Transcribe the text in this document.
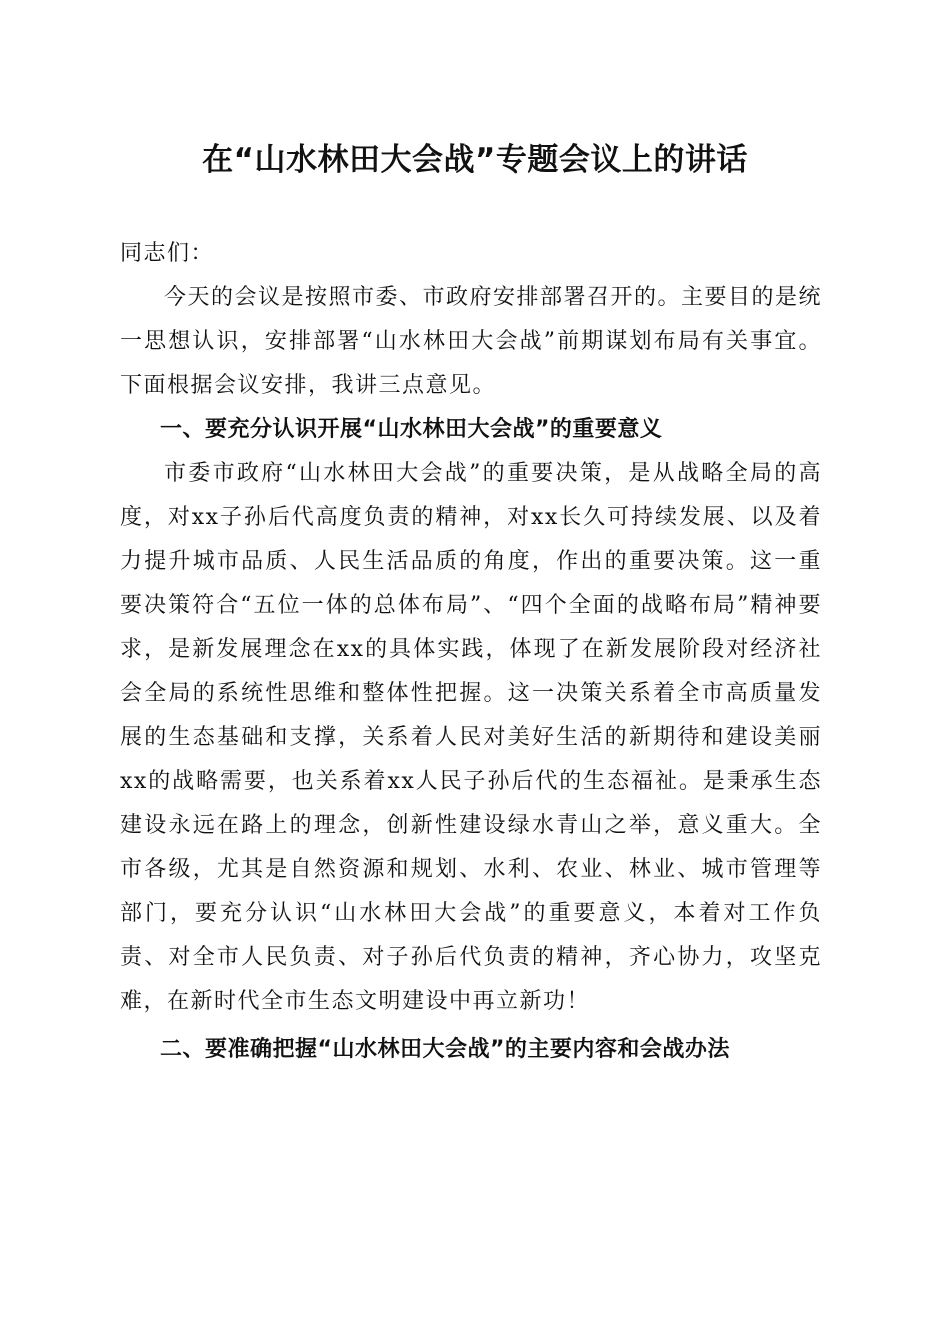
在“山水林田大会战”专题会议上的讲话

同志们：

今天的会议是按照市委、市政府安排部署召开的。主要目的是统一思想认识，安排部署“山水林田大会战”前期谋划布局有关事宜。下面根据会议安排，我讲三点意见。

一、要充分认识开展“山水林田大会战”的重要意义

市委市政府“山水林田大会战”的重要决策，是从战略全局的高度，对xx子孙后代高度负责的精神，对xx长久可持续发展、以及着力提升城市品质、人民生活品质的角度，作出的重要决策。这一重要决策符合“五位一体的总体布局”、“四个全面的战略布局”精神要求，是新发展理念在xx的具体实践，体现了在新发展阶段对经济社会全局的系统性思维和整体性把握。这一决策关系着全市高质量发展的生态基础和支撑，关系着人民对美好生活的新期待和建设美丽xx的战略需要，也关系着xx人民子孙后代的生态福祉。是秉承生态建设永远在路上的理念，创新性建设绿水青山之举，意义重大。全市各级，尤其是自然资源和规划、水利、农业、林业、城市管理等部门，要充分认识“山水林田大会战”的重要意义，本着对工作负责、对全市人民负责、对子孙后代负责的精神，齐心协力，攻坚克难，在新时代全市生态文明建设中再立新功！

二、要准确把握“山水林田大会战”的主要内容和会战办法
